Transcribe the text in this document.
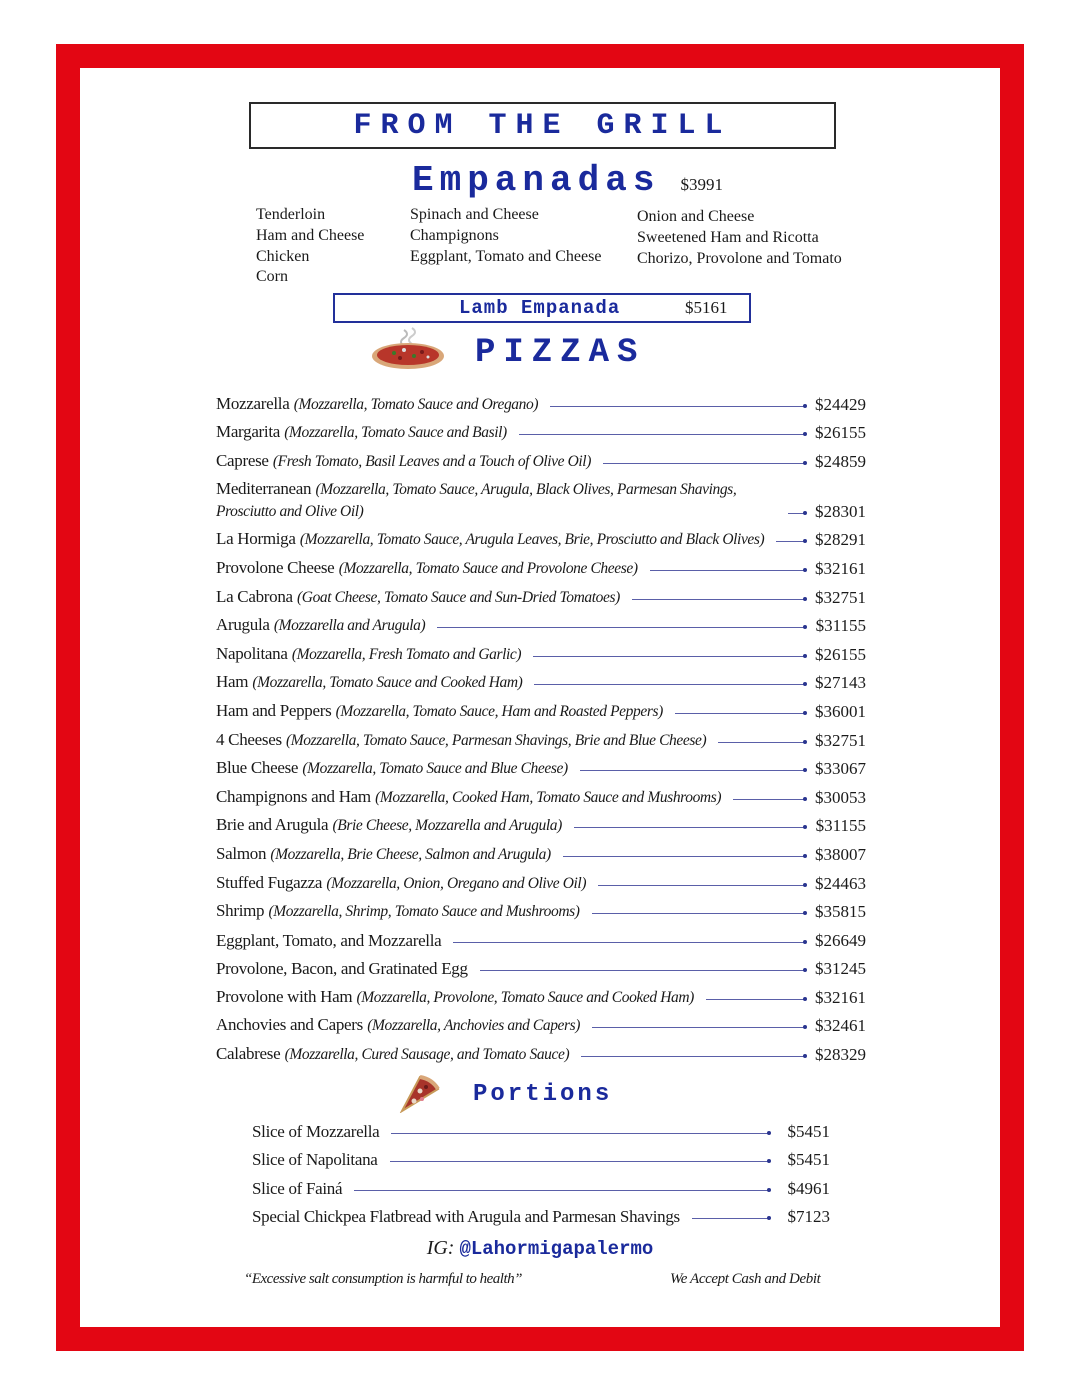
FROM THE GRILL
Empanadas $3991
Tenderloin
Ham and Cheese
Chicken
Corn
Spinach and Cheese
Champignons
Eggplant, Tomato and Cheese
Onion and Cheese
Sweetened Ham and Ricotta
Chorizo, Provolone and Tomato
Lamb Empanada	$5161
PIZZAS
Mozzarella (Mozzarella, Tomato Sauce and Oregano)	$24429
Margarita (Mozzarella, Tomato Sauce and Basil)	$26155
Caprese (Fresh Tomato, Basil Leaves and a Touch of Olive Oil)	$24859
Mediterranean (Mozzarella, Tomato Sauce, Arugula, Black Olives, Parmesan Shavings, Prosciutto and Olive Oil)	$28301
La Hormiga (Mozzarella, Tomato Sauce, Arugula Leaves, Brie, Prosciutto and Black Olives)	$28291
Provolone Cheese (Mozzarella, Tomato Sauce and Provolone Cheese)	$32161
La Cabrona (Goat Cheese, Tomato Sauce and Sun-Dried Tomatoes)	$32751
Arugula (Mozzarella and Arugula)	$31155
Napolitana (Mozzarella, Fresh Tomato and Garlic)	$26155
Ham (Mozzarella, Tomato Sauce and Cooked Ham)	$27143
Ham and Peppers (Mozzarella, Tomato Sauce, Ham and Roasted Peppers)	$36001
4 Cheeses (Mozzarella, Tomato Sauce, Parmesan Shavings, Brie and Blue Cheese)	$32751
Blue Cheese (Mozzarella, Tomato Sauce and Blue Cheese)	$33067
Champignons and Ham (Mozzarella, Cooked Ham, Tomato Sauce and Mushrooms)	$30053
Brie and Arugula (Brie Cheese, Mozzarella and Arugula)	$31155
Salmon (Mozzarella, Brie Cheese, Salmon and Arugula)	$38007
Stuffed Fugazza (Mozzarella, Onion, Oregano and Olive Oil)	$24463
Shrimp (Mozzarella, Shrimp, Tomato Sauce and Mushrooms)	$35815
Eggplant, Tomato, and Mozzarella	$26649
Provolone, Bacon, and Gratinated Egg	$31245
Provolone with Ham (Mozzarella, Provolone, Tomato Sauce and Cooked Ham)	$32161
Anchovies and Capers (Mozzarella, Anchovies and Capers)	$32461
Calabrese (Mozzarella, Cured Sausage, and Tomato Sauce)	$28329
Portions
Slice of Mozzarella	$5451
Slice of Napolitana	$5451
Slice of Fainá	$4961
Special Chickpea Flatbread with Arugula and Parmesan Shavings	$7123
IG: @Lahormigapalermo
“Excessive salt consumption is harmful to health”	We Accept Cash and Debit
